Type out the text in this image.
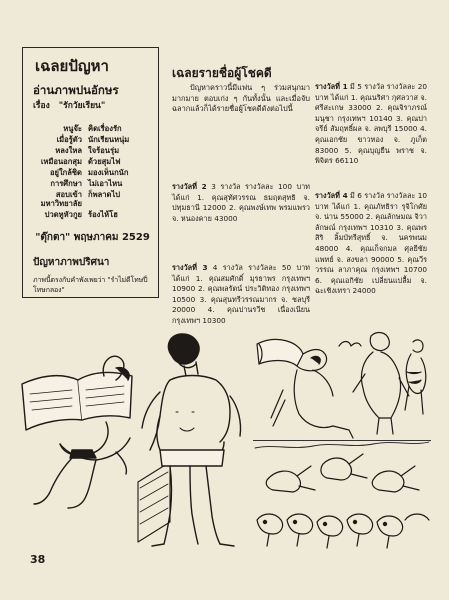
เฉลยปัญหา
อ่านภาพปนอักษร
เรื่อง "รักวัยเรียน"
หนูจ๊ะ คิดเรื่องรัก
เมื่อรู้ตัว นักเรียนหนุ่ม
หลงใหล ใจร้อนรุ่ม
เหมือนอกสุม ด้วยสุมไฟ
อยู่ใกล้ชิด มองเห็นกนัก
การศึกษา ไม่เอาไหน
สอบเข้ามหาวิทยาลัย
ก็พลาดไป
ปวดหูหัวกูย ร้องไห้โฮ
"ตุ๊กตา" พฤษภาคม 2529
ปัญหาภาพปริศนา
ภาพนี้ตรงกับคำพังเพยว่า "รำไม่ดีโทษปี่โทษกลอง"
เฉลยรายชื่อผู้โชคดี
ปัญหาคราวนี้มีแฟน ๆ ร่วมสนุกมามากมาย ตอบเก่ง ๆ กันทั้งนั้น และเมื่อจับฉลากแล้วก็ได้รายชื่อผู้โชคดีดังต่อไปนี้
รางวัลที่ 2 3 รางวัล รางวัลละ 100 บาท ได้แก่ 1. คุณสุทัศวรรณ ธมฤตสุทธิ จ. ปทุมธานี 12000 2. คุณพงษ์เทพ พรมแพรว จ. หนองคาย 43000
รางวัลที่ 3 4 รางวัล รางวัลละ 50 บาท ได้แก่ 1. คุณสมศักดิ์ มุรธาพร กรุงเทพฯ 10900 2. คุณพลรัตน์ ประวิติทอง กรุงเทพฯ 10500 3. คุณสุนทรีวรรณมากร จ. ชลบุรี 20000 4. คุณปานรวีช เนื่องเนียน กรุงเทพฯ 10300
รางวัลที่ 1 มี 5 รางวัล รางวัลละ 20 บาท ได้แก่ 1. คุณนริศา กุศลวาส จ. ศรีสะเกษ 33000 2. คุณจิราภรณ์ มนุชา กรุงเทพฯ 10140 3. คุณปาจรีย์ สัมฤทธิ์ผล จ. ลพบุรี 15000 4. คุณเอกชัย ขาวทอง จ. ภูเก็ต 83000 5. คุณบุญยืน พราช จ. พิจิตร 66110
รางวัลที่ 4 มี 6 รางวัล รางวัลละ 10 บาท ได้แก่ 1. คุณภัทธิรา รุจิโกศัย จ. น่าน 55000 2. คุณลักษมณ จิวาลักษณ์ กรุงเทพฯ 10310 3. คุณพรสิริ ลิ้มบัทรีสุทธิ์ จ. นครพนม 48000 4. คุณเก็จกมล ศุลยีชัยแพทย์ จ. สงขลา 90000 5. คุณวีรวรรณ ลาภาคุณ กรุงเทพฯ 10700 6. คุณเอกิชัย เปลี่ยนแปลื้ม จ. ฉะเชิงเทรา 24000
38
